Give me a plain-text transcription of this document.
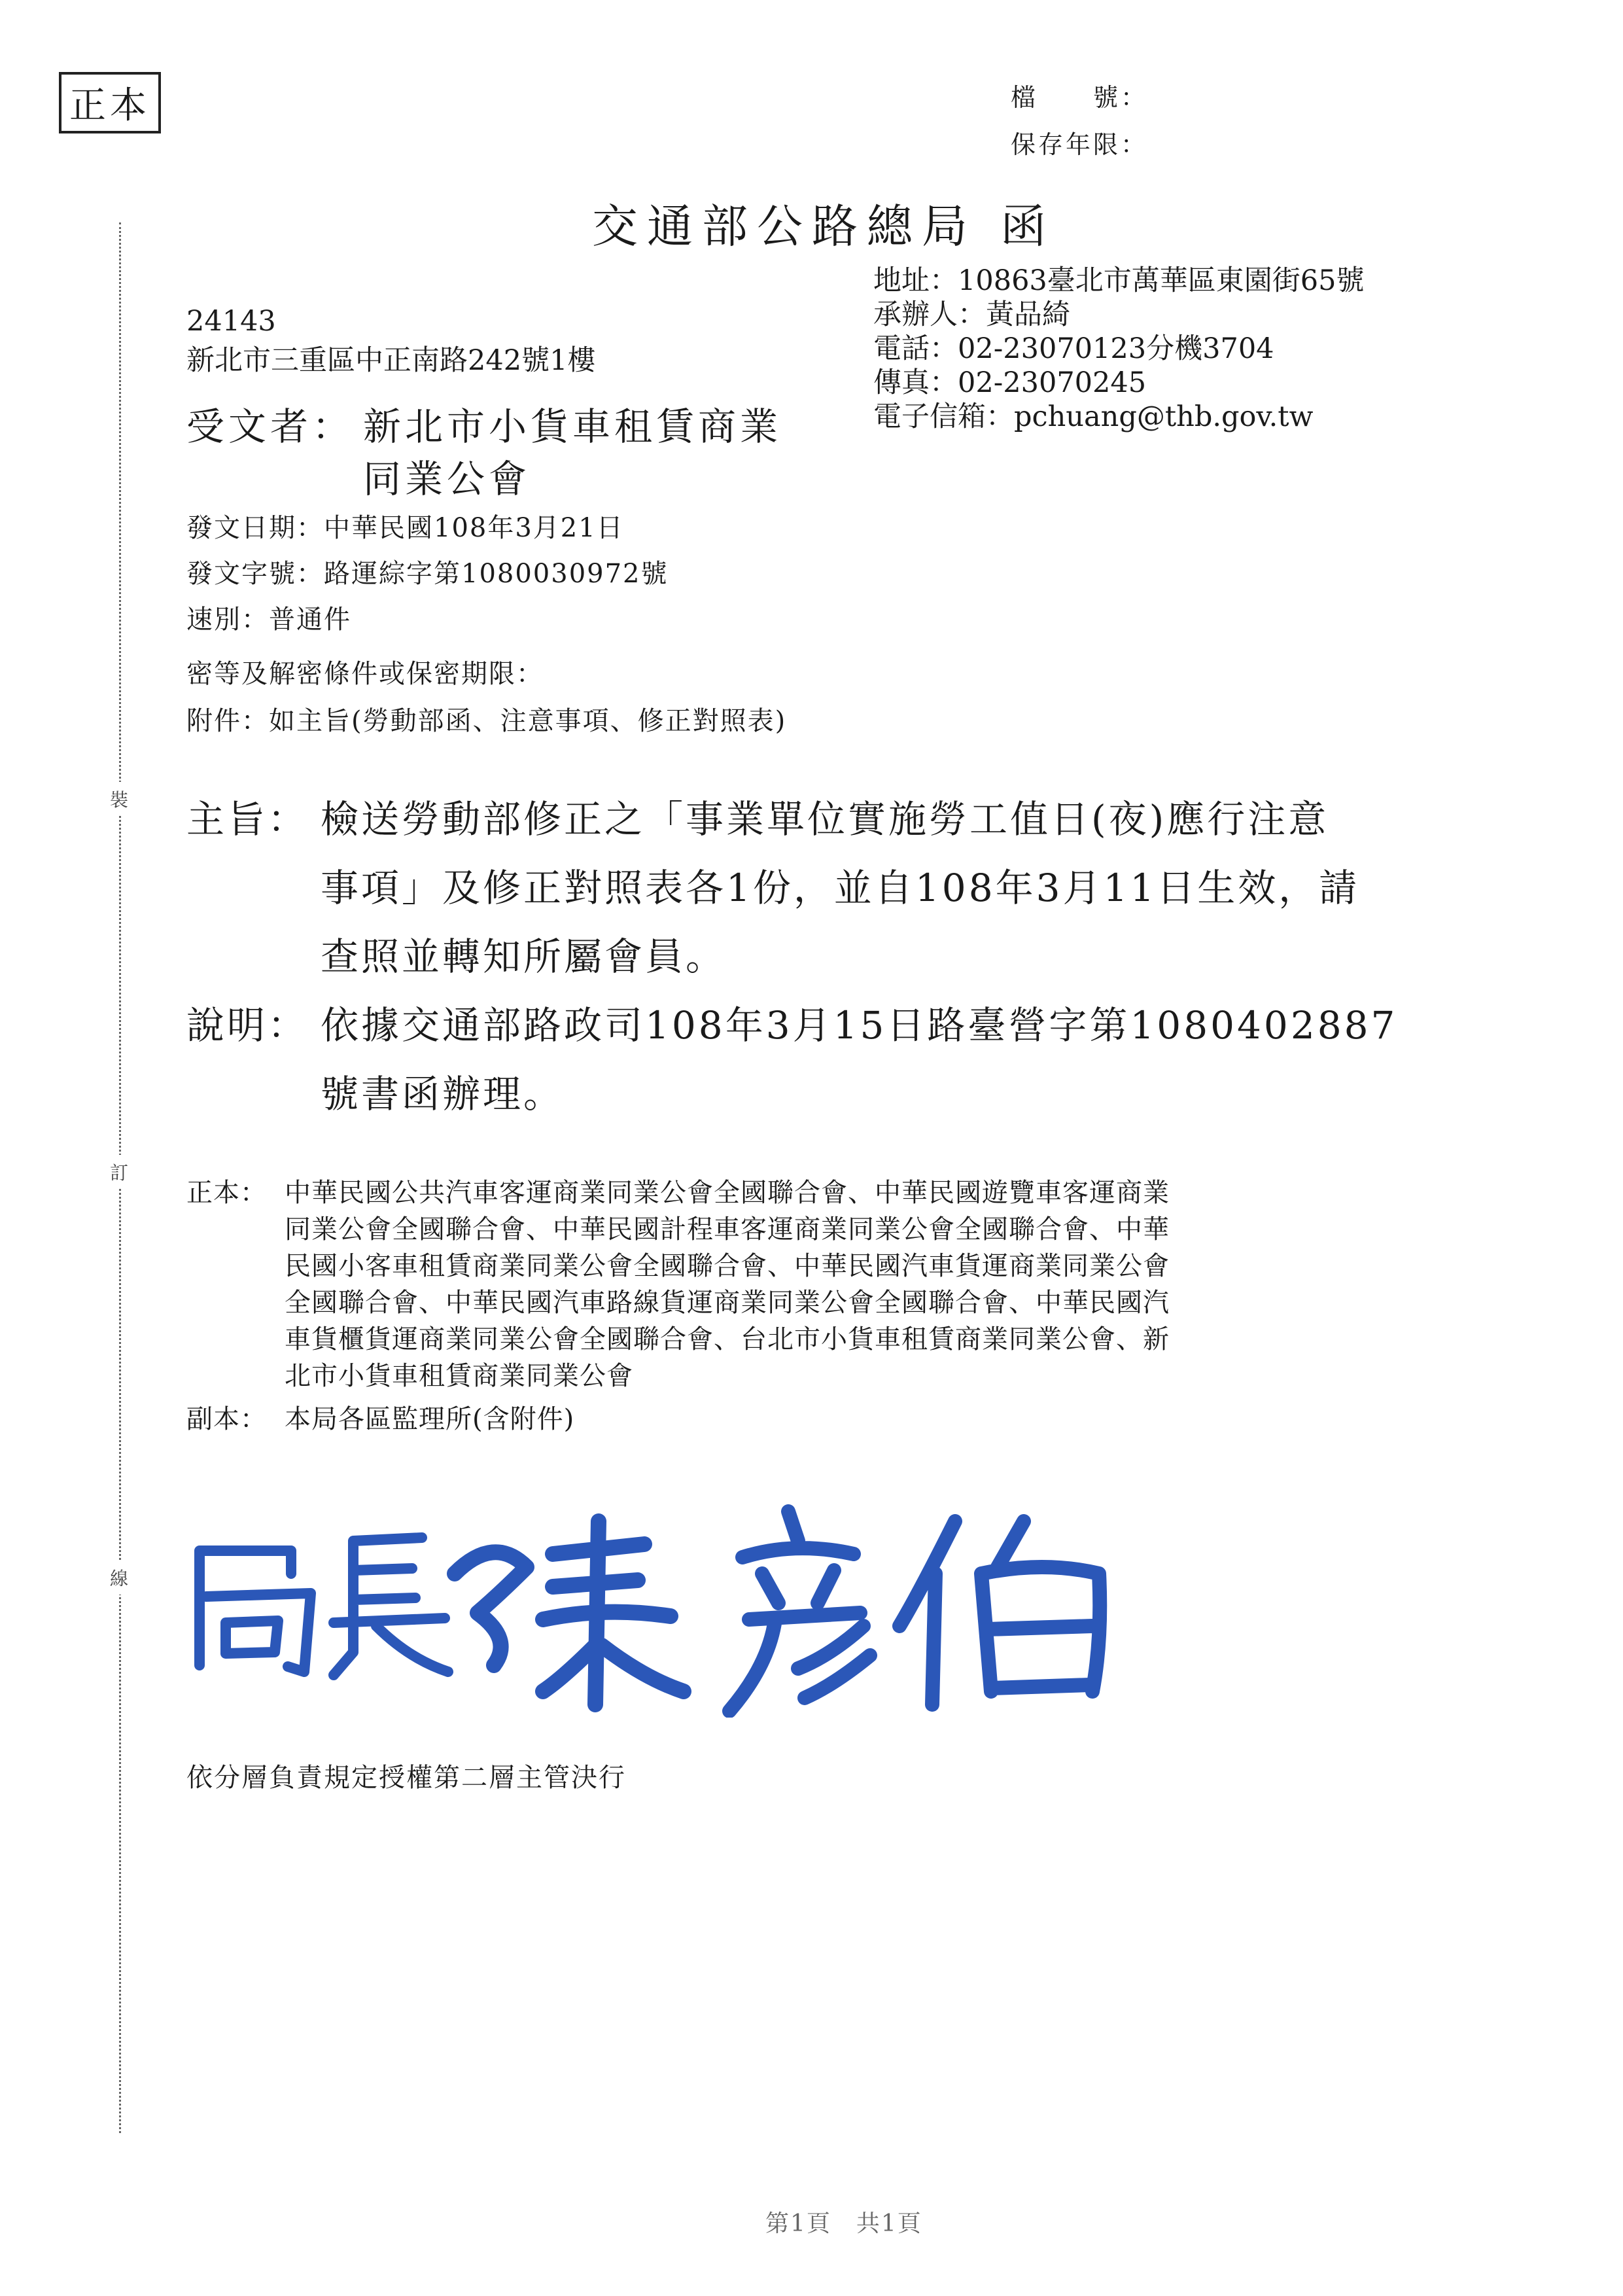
正本	檔　　號：
保存年限：
交通部公路總局 函
裝
訂
線
地址：10863臺北市萬華區東園街65號
承辦人：黃品綺
電話：02-23070123分機3704
傳真：02-23070245
電子信箱：pchuang@thb.gov.tw
24143
新北市三重區中正南路242號1樓
受文者： 新北市小貨車租賃商業
同業公會
發文日期：中華民國108年3月21日
發文字號：路運綜字第1080030972號
速別：普通件
密等及解密條件或保密期限：
附件：如主旨(勞動部函、注意事項、修正對照表)
主旨： 檢送勞動部修正之「事業單位實施勞工值日(夜)應行注意
事項」及修正對照表各1份，並自108年3月11日生效，請
查照並轉知所屬會員。
說明： 依據交通部路政司108年3月15日路臺營字第1080402887
號書函辦理。
正本： 中華民國公共汽車客運商業同業公會全國聯合會、中華民國遊覽車客運商業
同業公會全國聯合會、中華民國計程車客運商業同業公會全國聯合會、中華
民國小客車租賃商業同業公會全國聯合會、中華民國汽車貨運商業同業公會
全國聯合會、中華民國汽車路線貨運商業同業公會全國聯合會、中華民國汽
車貨櫃貨運商業同業公會全國聯合會、台北市小貨車租賃商業同業公會、新
北市小貨車租賃商業同業公會
副本： 本局各區監理所(含附件)
依分層負責規定授權第二層主管決行
第1頁　共1頁
